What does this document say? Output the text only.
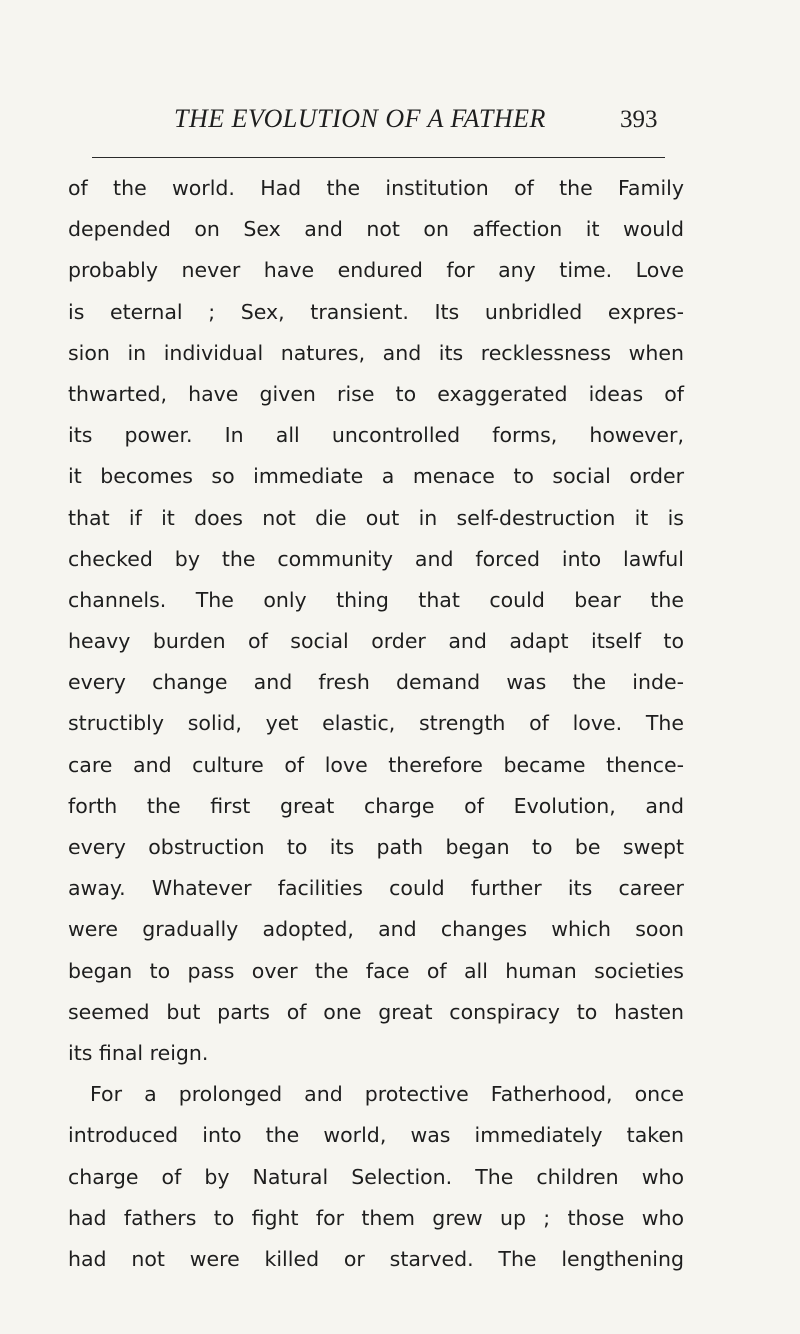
THE EVOLUTION OF A FATHER	393
of the world. Had the institution of the Family
depended on Sex and not on affection it would
probably never have endured for any time. Love
is eternal ; Sex, transient. Its unbridled expres-
sion in individual natures, and its recklessness when
thwarted, have given rise to exaggerated ideas of
its power. In all uncontrolled forms, however,
it becomes so immediate a menace to social order
that if it does not die out in self-destruction it is
checked by the community and forced into lawful
channels. The only thing that could bear the
heavy burden of social order and adapt itself to
every change and fresh demand was the inde-
structibly solid, yet elastic, strength of love. The
care and culture of love therefore became thence-
forth the first great charge of Evolution, and
every obstruction to its path began to be swept
away. Whatever facilities could further its career
were gradually adopted, and changes which soon
began to pass over the face of all human societies
seemed but parts of one great conspiracy to hasten
its final reign.
For a prolonged and protective Fatherhood, once
introduced into the world, was immediately taken
charge of by Natural Selection. The children who
had fathers to fight for them grew up ; those who
had not were killed or starved. The lengthening
